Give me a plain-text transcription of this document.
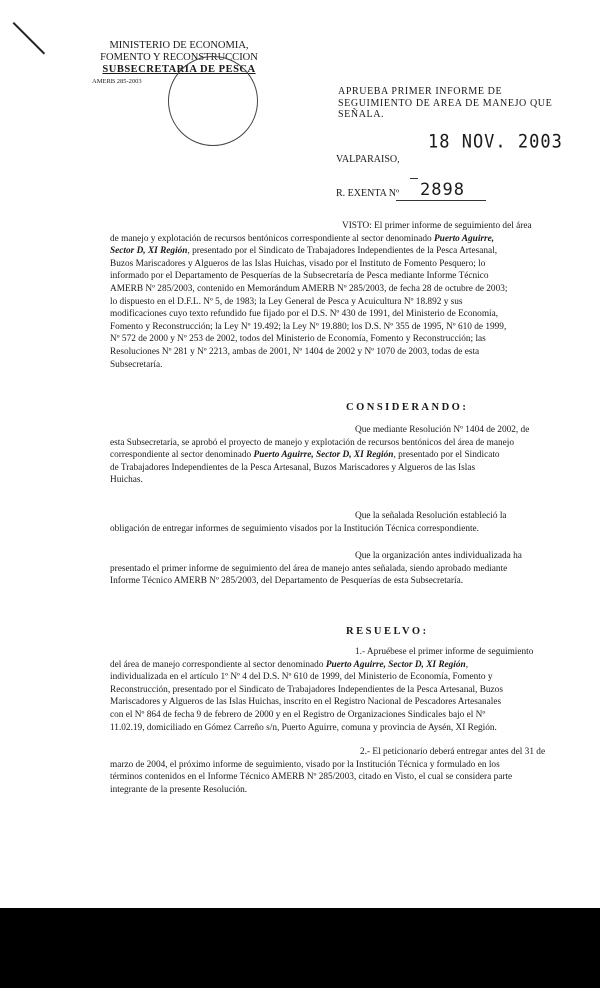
MINISTERIO DE ECONOMIA,
FOMENTO Y RECONSTRUCCION
SUBSECRETARIA DE PESCA
AMERB 285-2003
APRUEBA PRIMER INFORME DE
SEGUIMIENTO DE AREA DE MANEJO QUE
SEÑALA.
VALPARAISO,
18 NOV. 2003
R. EXENTA Nº 2898
VISTO: El primer informe de seguimiento del área
de manejo y explotación de recursos bentónicos correspondiente al sector denominado Puerto Aguirre,
Sector D, XI Región, presentado por el Sindicato de Trabajadores Independientes de la Pesca Artesanal,
Buzos Mariscadores y Algueros de las Islas Huichas, visado por el Instituto de Fomento Pesquero; lo
informado por el Departamento de Pesquerías de la Subsecretaría de Pesca mediante Informe Técnico
AMERB Nº 285/2003, contenido en Memorándum AMERB Nº 285/2003, de fecha 28 de octubre de 2003;
lo dispuesto en el D.F.L. Nº 5, de 1983; la Ley General de Pesca y Acuicultura Nº 18.892 y sus
modificaciones cuyo texto refundido fue fijado por el D.S. Nº 430 de 1991, del Ministerio de Economía,
Fomento y Reconstrucción; la Ley Nº 19.492; la Ley Nº 19.880; los D.S. Nº 355 de 1995, Nº 610 de 1999,
Nº 572 de 2000 y Nº 253 de 2002, todos del Ministerio de Economía, Fomento y Reconstrucción; las
Resoluciones Nº 281 y Nº 2213, ambas de 2001, Nº 1404 de 2002 y Nº 1070 de 2003, todas de esta
Subsecretaría.
CONSIDERANDO:
Que mediante Resolución Nº 1404 de 2002, de
esta Subsecretaría, se aprobó el proyecto de manejo y explotación de recursos bentónicos del área de manejo
correspondiente al sector denominado Puerto Aguirre, Sector D, XI Región, presentado por el Sindicato
de Trabajadores Independientes de la Pesca Artesanal, Buzos Mariscadores y Algueros de las Islas
Huichas.
Que la señalada Resolución estableció la
obligación de entregar informes de seguimiento visados por la Institución Técnica correspondiente.
Que la organización antes individualizada ha
presentado el primer informe de seguimiento del área de manejo antes señalada, siendo aprobado mediante
Informe Técnico AMERB Nº 285/2003, del Departamento de Pesquerías de esta Subsecretaría.
RESUELVO:
1.- Apruébese el primer informe de seguimiento
del área de manejo correspondiente al sector denominado Puerto Aguirre, Sector D, XI Región,
individualizada en el artículo 1º Nº 4 del D.S. Nº 610 de 1999, del Ministerio de Economía, Fomento y
Reconstrucción, presentado por el Sindicato de Trabajadores Independientes de la Pesca Artesanal, Buzos
Mariscadores y Algueros de las Islas Huichas, inscrito en el Registro Nacional de Pescadores Artesanales
con el Nº 864 de fecha 9 de febrero de 2000 y en el Registro de Organizaciones Sindicales bajo el Nº
11.02.19, domiciliado en Gómez Carreño s/n, Puerto Aguirre, comuna y provincia de Aysén, XI Región.
2.- El peticionario deberá entregar antes del 31 de
marzo de 2004, el próximo informe de seguimiento, visado por la Institución Técnica y formulado en los
términos contenidos en el Informe Técnico AMERB Nº 285/2003, citado en Visto, el cual se considera parte
integrante de la presente Resolución.
